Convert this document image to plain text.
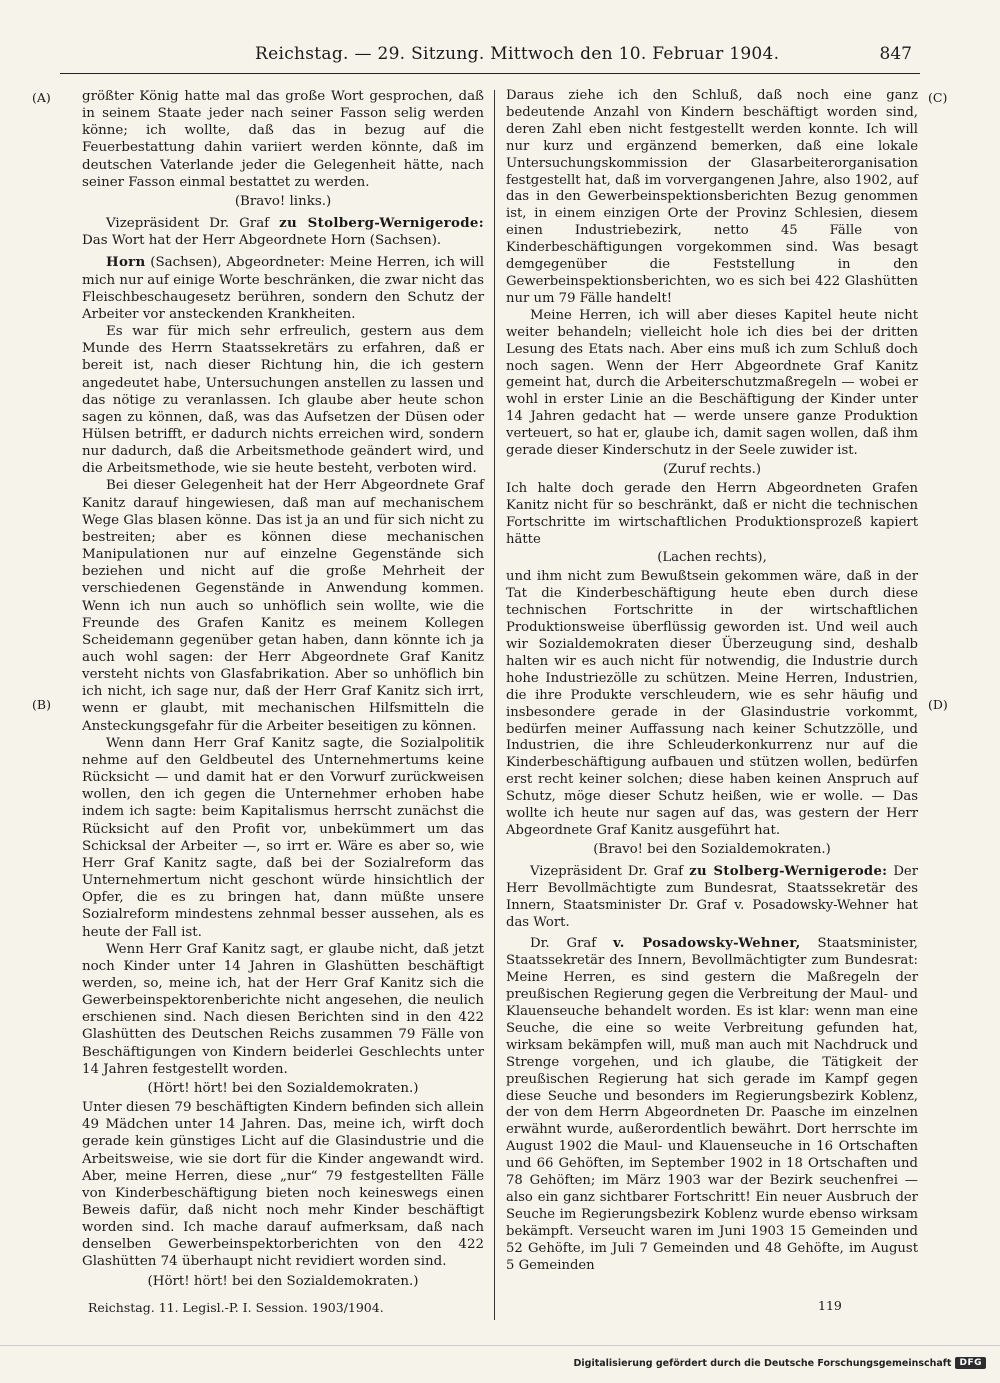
Reichstag. — 29. Sitzung. Mittwoch den 10. Februar 1904.	847
(A)
(B)
(C)
(D)

größter König hatte mal das große Wort gesprochen, daß in seinem Staate jeder nach seiner Fasson selig werden könne; ich wollte, daß das in bezug auf die Feuerbestattung dahin variiert werden könnte, daß im deutschen Vaterlande jeder die Gelegenheit hätte, nach seiner Fasson einmal bestattet zu werden.

(Bravo! links.)

Vizepräsident Dr. Graf zu Stolberg-Wernigerode: Das Wort hat der Herr Abgeordnete Horn (Sachsen).

Horn (Sachsen), Abgeordneter: Meine Herren, ich will mich nur auf einige Worte beschränken, die zwar nicht das Fleischbeschaugesetz berühren, sondern den Schutz der Arbeiter vor ansteckenden Krankheiten.

Es war für mich sehr erfreulich, gestern aus dem Munde des Herrn Staatssekretärs zu erfahren, daß er bereit ist, nach dieser Richtung hin, die ich gestern angedeutet habe, Untersuchungen anstellen zu lassen und das nötige zu veranlassen. Ich glaube aber heute schon sagen zu können, daß, was das Aufsetzen der Düsen oder Hülsen betrifft, er dadurch nichts erreichen wird, sondern nur dadurch, daß die Arbeitsmethode geändert wird, und die Arbeitsmethode, wie sie heute besteht, verboten wird.

Bei dieser Gelegenheit hat der Herr Abgeordnete Graf Kanitz darauf hingewiesen, daß man auf mechanischem Wege Glas blasen könne. Das ist ja an und für sich nicht zu bestreiten; aber es können diese mechanischen Manipulationen nur auf einzelne Gegenstände sich beziehen und nicht auf die große Mehrheit der verschiedenen Gegenstände in Anwendung kommen. Wenn ich nun auch so unhöflich sein wollte, wie die Freunde des Grafen Kanitz es meinem Kollegen Scheidemann gegenüber getan haben, dann könnte ich ja auch wohl sagen: der Herr Abgeordnete Graf Kanitz versteht nichts von Glasfabrikation. Aber so unhöflich bin ich nicht, ich sage nur, daß der Herr Graf Kanitz sich irrt, wenn er glaubt, mit mechanischen Hilfsmitteln die Ansteckungsgefahr für die Arbeiter beseitigen zu können.

Wenn dann Herr Graf Kanitz sagte, die Sozialpolitik nehme auf den Geldbeutel des Unternehmertums keine Rücksicht — und damit hat er den Vorwurf zurückweisen wollen, den ich gegen die Unternehmer erhoben habe indem ich sagte: beim Kapitalismus herrscht zunächst die Rücksicht auf den Profit vor, unbekümmert um das Schicksal der Arbeiter —, so irrt er. Wäre es aber so, wie Herr Graf Kanitz sagte, daß bei der Sozialreform das Unternehmertum nicht geschont würde hinsichtlich der Opfer, die es zu bringen hat, dann müßte unsere Sozialreform mindestens zehnmal besser aussehen, als es heute der Fall ist.

Wenn Herr Graf Kanitz sagt, er glaube nicht, daß jetzt noch Kinder unter 14 Jahren in Glashütten beschäftigt werden, so, meine ich, hat der Herr Graf Kanitz sich die Gewerbeinspektorenberichte nicht angesehen, die neulich erschienen sind. Nach diesen Berichten sind in den 422 Glashütten des Deutschen Reichs zusammen 79 Fälle von Beschäftigungen von Kindern beiderlei Geschlechts unter 14 Jahren festgestellt worden.

(Hört! hört! bei den Sozialdemokraten.)

Unter diesen 79 beschäftigten Kindern befinden sich allein 49 Mädchen unter 14 Jahren. Das, meine ich, wirft doch gerade kein günstiges Licht auf die Glasindustrie und die Arbeitsweise, wie sie dort für die Kinder angewandt wird. Aber, meine Herren, diese „nur“ 79 festgestellten Fälle von Kinderbeschäftigung bieten noch keineswegs einen Beweis dafür, daß nicht noch mehr Kinder beschäftigt worden sind. Ich mache darauf aufmerksam, daß nach denselben Gewerbeinspektorberichten von den 422 Glashütten 74 überhaupt nicht revidiert worden sind.

(Hört! hört! bei den Sozialdemokraten.)

Daraus ziehe ich den Schluß, daß noch eine ganz bedeutende Anzahl von Kindern beschäftigt worden sind, deren Zahl eben nicht festgestellt werden konnte. Ich will nur kurz und ergänzend bemerken, daß eine lokale Untersuchungskommission der Glasarbeiterorganisation festgestellt hat, daß im vorvergangenen Jahre, also 1902, auf das in den Gewerbeinspektionsberichten Bezug genommen ist, in einem einzigen Orte der Provinz Schlesien, diesem einen Industriebezirk, netto 45 Fälle von Kinderbeschäftigungen vorgekommen sind. Was besagt demgegenüber die Feststellung in den Gewerbeinspektionsberichten, wo es sich bei 422 Glashütten nur um 79 Fälle handelt!

Meine Herren, ich will aber dieses Kapitel heute nicht weiter behandeln; vielleicht hole ich dies bei der dritten Lesung des Etats nach. Aber eins muß ich zum Schluß doch noch sagen. Wenn der Herr Abgeordnete Graf Kanitz gemeint hat, durch die Arbeiterschutzmaßregeln — wobei er wohl in erster Linie an die Beschäftigung der Kinder unter 14 Jahren gedacht hat — werde unsere ganze Produktion verteuert, so hat er, glaube ich, damit sagen wollen, daß ihm gerade dieser Kinderschutz in der Seele zuwider ist.

(Zuruf rechts.)

Ich halte doch gerade den Herrn Abgeordneten Grafen Kanitz nicht für so beschränkt, daß er nicht die technischen Fortschritte im wirtschaftlichen Produktionsprozeß kapiert hätte

(Lachen rechts),

und ihm nicht zum Bewußtsein gekommen wäre, daß in der Tat die Kinderbeschäftigung heute eben durch diese technischen Fortschritte in der wirtschaftlichen Produktionsweise überflüssig geworden ist. Und weil auch wir Sozialdemokraten dieser Überzeugung sind, deshalb halten wir es auch nicht für notwendig, die Industrie durch hohe Industriezölle zu schützen. Meine Herren, Industrien, die ihre Produkte verschleudern, wie es sehr häufig und insbesondere gerade in der Glasindustrie vorkommt, bedürfen meiner Auffassung nach keiner Schutzzölle, und Industrien, die ihre Schleuderkonkurrenz nur auf die Kinderbeschäftigung aufbauen und stützen wollen, bedürfen erst recht keiner solchen; diese haben keinen Anspruch auf Schutz, möge dieser Schutz heißen, wie er wolle. — Das wollte ich heute nur sagen auf das, was gestern der Herr Abgeordnete Graf Kanitz ausgeführt hat.

(Bravo! bei den Sozialdemokraten.)

Vizepräsident Dr. Graf zu Stolberg-Wernigerode: Der Herr Bevollmächtigte zum Bundesrat, Staatssekretär des Innern, Staatsminister Dr. Graf v. Posadowsky-Wehner hat das Wort.

Dr. Graf v. Posadowsky-Wehner, Staatsminister, Staatssekretär des Innern, Bevollmächtigter zum Bundesrat: Meine Herren, es sind gestern die Maßregeln der preußischen Regierung gegen die Verbreitung der Maul- und Klauenseuche behandelt worden. Es ist klar: wenn man eine Seuche, die eine so weite Verbreitung gefunden hat, wirksam bekämpfen will, muß man auch mit Nachdruck und Strenge vorgehen, und ich glaube, die Tätigkeit der preußischen Regierung hat sich gerade im Kampf gegen diese Seuche und besonders im Regierungsbezirk Koblenz, der von dem Herrn Abgeordneten Dr. Paasche im einzelnen erwähnt wurde, außerordentlich bewährt. Dort herrschte im August 1902 die Maul- und Klauenseuche in 16 Ortschaften und 66 Gehöften, im September 1902 in 18 Ortschaften und 78 Gehöften; im März 1903 war der Bezirk seuchenfrei — also ein ganz sichtbarer Fortschritt! Ein neuer Ausbruch der Seuche im Regierungsbezirk Koblenz wurde ebenso wirksam bekämpft. Verseucht waren im Juni 1903 15 Gemeinden und 52 Gehöfte, im Juli 7 Gemeinden und 48 Gehöfte, im August 5 Gemeinden

Reichstag. 11. Legisl.-P. I. Session. 1903/1904.	119
Digitalisierung gefördert durch die Deutsche Forschungsgemeinschaft DFG
